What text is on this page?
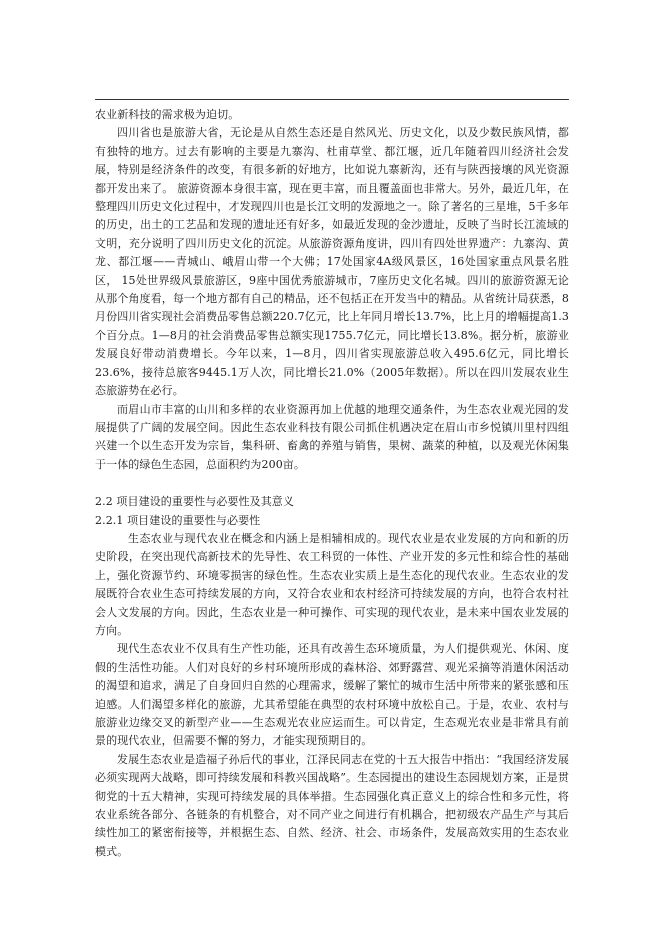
农业新科技的需求极为迫切。

四川省也是旅游大省，无论是从自然生态还是自然风光、历史文化，以及少数民族风情，都有独特的地方。过去有影响的主要是九寨沟、杜甫草堂、都江堰，近几年随着四川经济社会发展，特别是经济条件的改变，有很多新的好地方，比如说九寨新沟，还有与陕西接壤的风光资源都开发出来了。 旅游资源本身很丰富，现在更丰富，而且覆盖面也非常大。另外，最近几年，在整理四川历史文化过程中，才发现四川也是长江文明的发源地之一。除了著名的三星堆，5千多年的历史，出土的工艺品和发现的遗址还有好多，如最近发现的金沙遗址，反映了当时长江流域的文明，充分说明了四川历史文化的沉淀。从旅游资源角度讲，四川有四处世界遗产：九寨沟、黄龙、都江堰——青城山、峨眉山带一个大佛；17处国家4A级风景区，16处国家重点风景名胜区， 15处世界级风景旅游区，9座中国优秀旅游城市，7座历史文化名城。四川的旅游资源无论从那个角度看，每一个地方都有自己的精品，还不包括正在开发当中的精品。从省统计局获悉，8月份四川省实现社会消费品零售总额220.7亿元，比上年同月增长13.7%，比上月的增幅提高1.3个百分点。1—8月的社会消费品零售总额实现1755.7亿元，同比增长13.8%。据分析，旅游业发展良好带动消费增长。今年以来，1—8月，四川省实现旅游总收入495.6亿元，同比增长23.6%，接待总旅客9445.1万人次，同比增长21.0%（2005年数据）。所以在四川发展农业生态旅游势在必行。

而眉山市丰富的山川和多样的农业资源再加上优越的地理交通条件，为生态农业观光园的发展提供了广阔的发展空间。因此生态农业科技有限公司抓住机遇决定在眉山市乡悦镇川里村四组兴建一个以生态开发为宗旨，集科研、畜禽的养殖与销售，果树、蔬菜的种植，以及观光休闲集于一体的绿色生态园，总面积约为200亩。

2.2 项目建设的重要性与必要性及其意义

2.2.1 项目建设的重要性与必要性

生态农业与现代农业在概念和内涵上是相辅相成的。现代农业是农业发展的方向和新的历史阶段，在突出现代高新技术的先导性、农工科贸的一体性、产业开发的多元性和综合性的基础上，强化资源节约、环境零损害的绿色性。生态农业实质上是生态化的现代农业。生态农业的发展既符合农业生态可持续发展的方向，又符合农业和农村经济可持续发展的方向，也符合农村社会人文发展的方向。因此，生态农业是一种可操作、可实现的现代农业，是未来中国农业发展的方向。

现代生态农业不仅具有生产性功能，还具有改善生态环境质量，为人们提供观光、休闲、度假的生活性功能。人们对良好的乡村环境所形成的森林浴、郊野露营、观光采摘等消遣休闲活动的渴望和追求，满足了自身回归自然的心理需求，缓解了繁忙的城市生活中所带来的紧张感和压迫感。人们渴望多样化的旅游，尤其希望能在典型的农村环境中放松自己。于是，农业、农村与旅游业边缘交叉的新型产业——生态观光农业应运而生。可以肯定，生态观光农业是非常具有前景的现代农业，但需要不懈的努力，才能实现预期目的。

发展生态农业是造福子孙后代的事业，江泽民同志在党的十五大报告中指出：“我国经济发展必须实现两大战略，即可持续发展和科教兴国战略”。生态园提出的建设生态园规划方案，正是贯彻党的十五大精神，实现可持续发展的具体举措。生态园强化真正意义上的综合性和多元性，将农业系统各部分、各链条的有机整合，对不同产业之间进行有机耦合，把初级农产品生产与其后续性加工的紧密衔接等，并根据生态、自然、经济、社会、市场条件，发展高效实用的生态农业模式。
